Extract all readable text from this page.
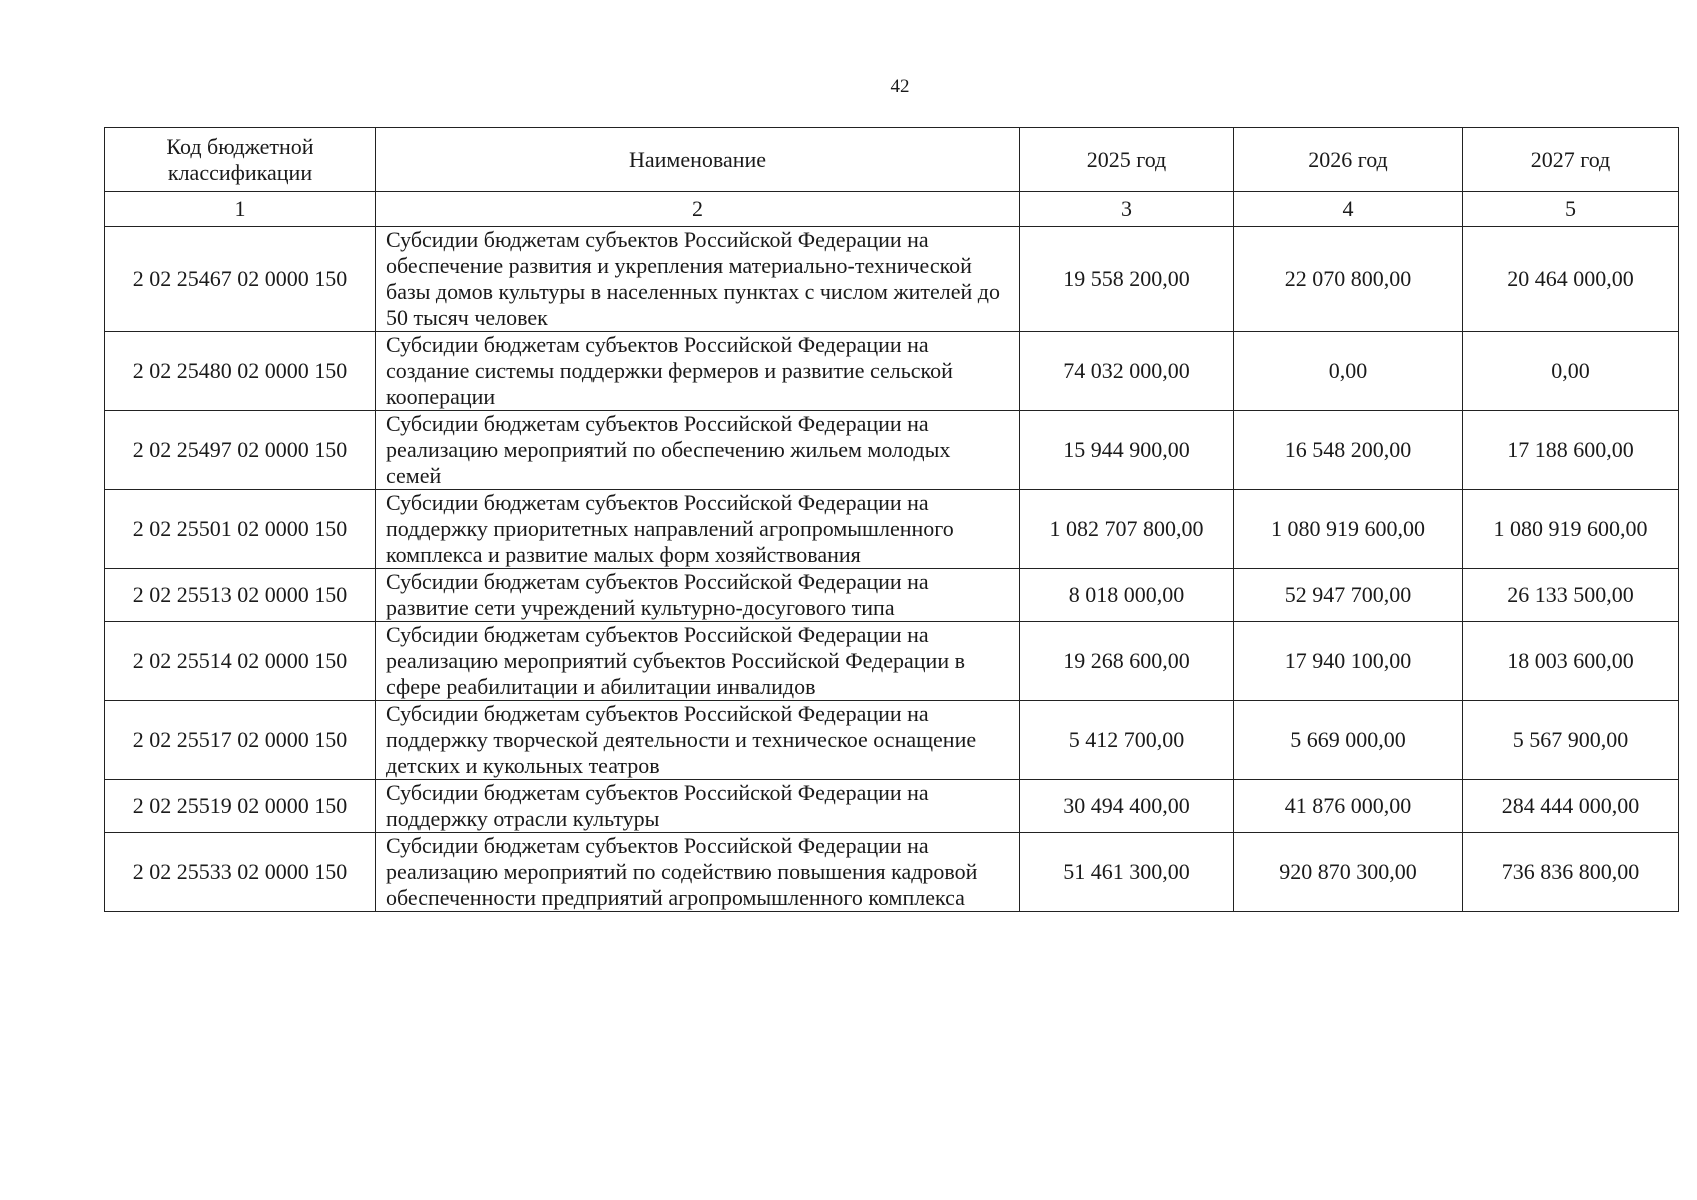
42
Код бюджетной классификации	Наименование	2025 год	2026 год	2027 год
1	2	3	4	5
2 02 25467 02 0000 150	Субсидии бюджетам субъектов Российской Федерации на обеспечение развития и укрепления материально-технической базы домов культуры в населенных пунктах с числом жителей до 50 тысяч человек	19 558 200,00	22 070 800,00	20 464 000,00
2 02 25480 02 0000 150	Субсидии бюджетам субъектов Российской Федерации на создание системы поддержки фермеров и развитие сельской кооперации	74 032 000,00	0,00	0,00
2 02 25497 02 0000 150	Субсидии бюджетам субъектов Российской Федерации на реализацию мероприятий по обеспечению жильем молодых семей	15 944 900,00	16 548 200,00	17 188 600,00
2 02 25501 02 0000 150	Субсидии бюджетам субъектов Российской Федерации на поддержку приоритетных направлений агропромышленного комплекса и развитие малых форм хозяйствования	1 082 707 800,00	1 080 919 600,00	1 080 919 600,00
2 02 25513 02 0000 150	Субсидии бюджетам субъектов Российской Федерации на развитие сети учреждений культурно-досугового типа	8 018 000,00	52 947 700,00	26 133 500,00
2 02 25514 02 0000 150	Субсидии бюджетам субъектов Российской Федерации на реализацию мероприятий субъектов Российской Федерации в сфере реабилитации и абилитации инвалидов	19 268 600,00	17 940 100,00	18 003 600,00
2 02 25517 02 0000 150	Субсидии бюджетам субъектов Российской Федерации на поддержку творческой деятельности и техническое оснащение детских и кукольных театров	5 412 700,00	5 669 000,00	5 567 900,00
2 02 25519 02 0000 150	Субсидии бюджетам субъектов Российской Федерации на поддержку отрасли культуры	30 494 400,00	41 876 000,00	284 444 000,00
2 02 25533 02 0000 150	Субсидии бюджетам субъектов Российской Федерации на реализацию мероприятий по содействию повышения кадровой обеспеченности предприятий агропромышленного комплекса	51 461 300,00	920 870 300,00	736 836 800,00
